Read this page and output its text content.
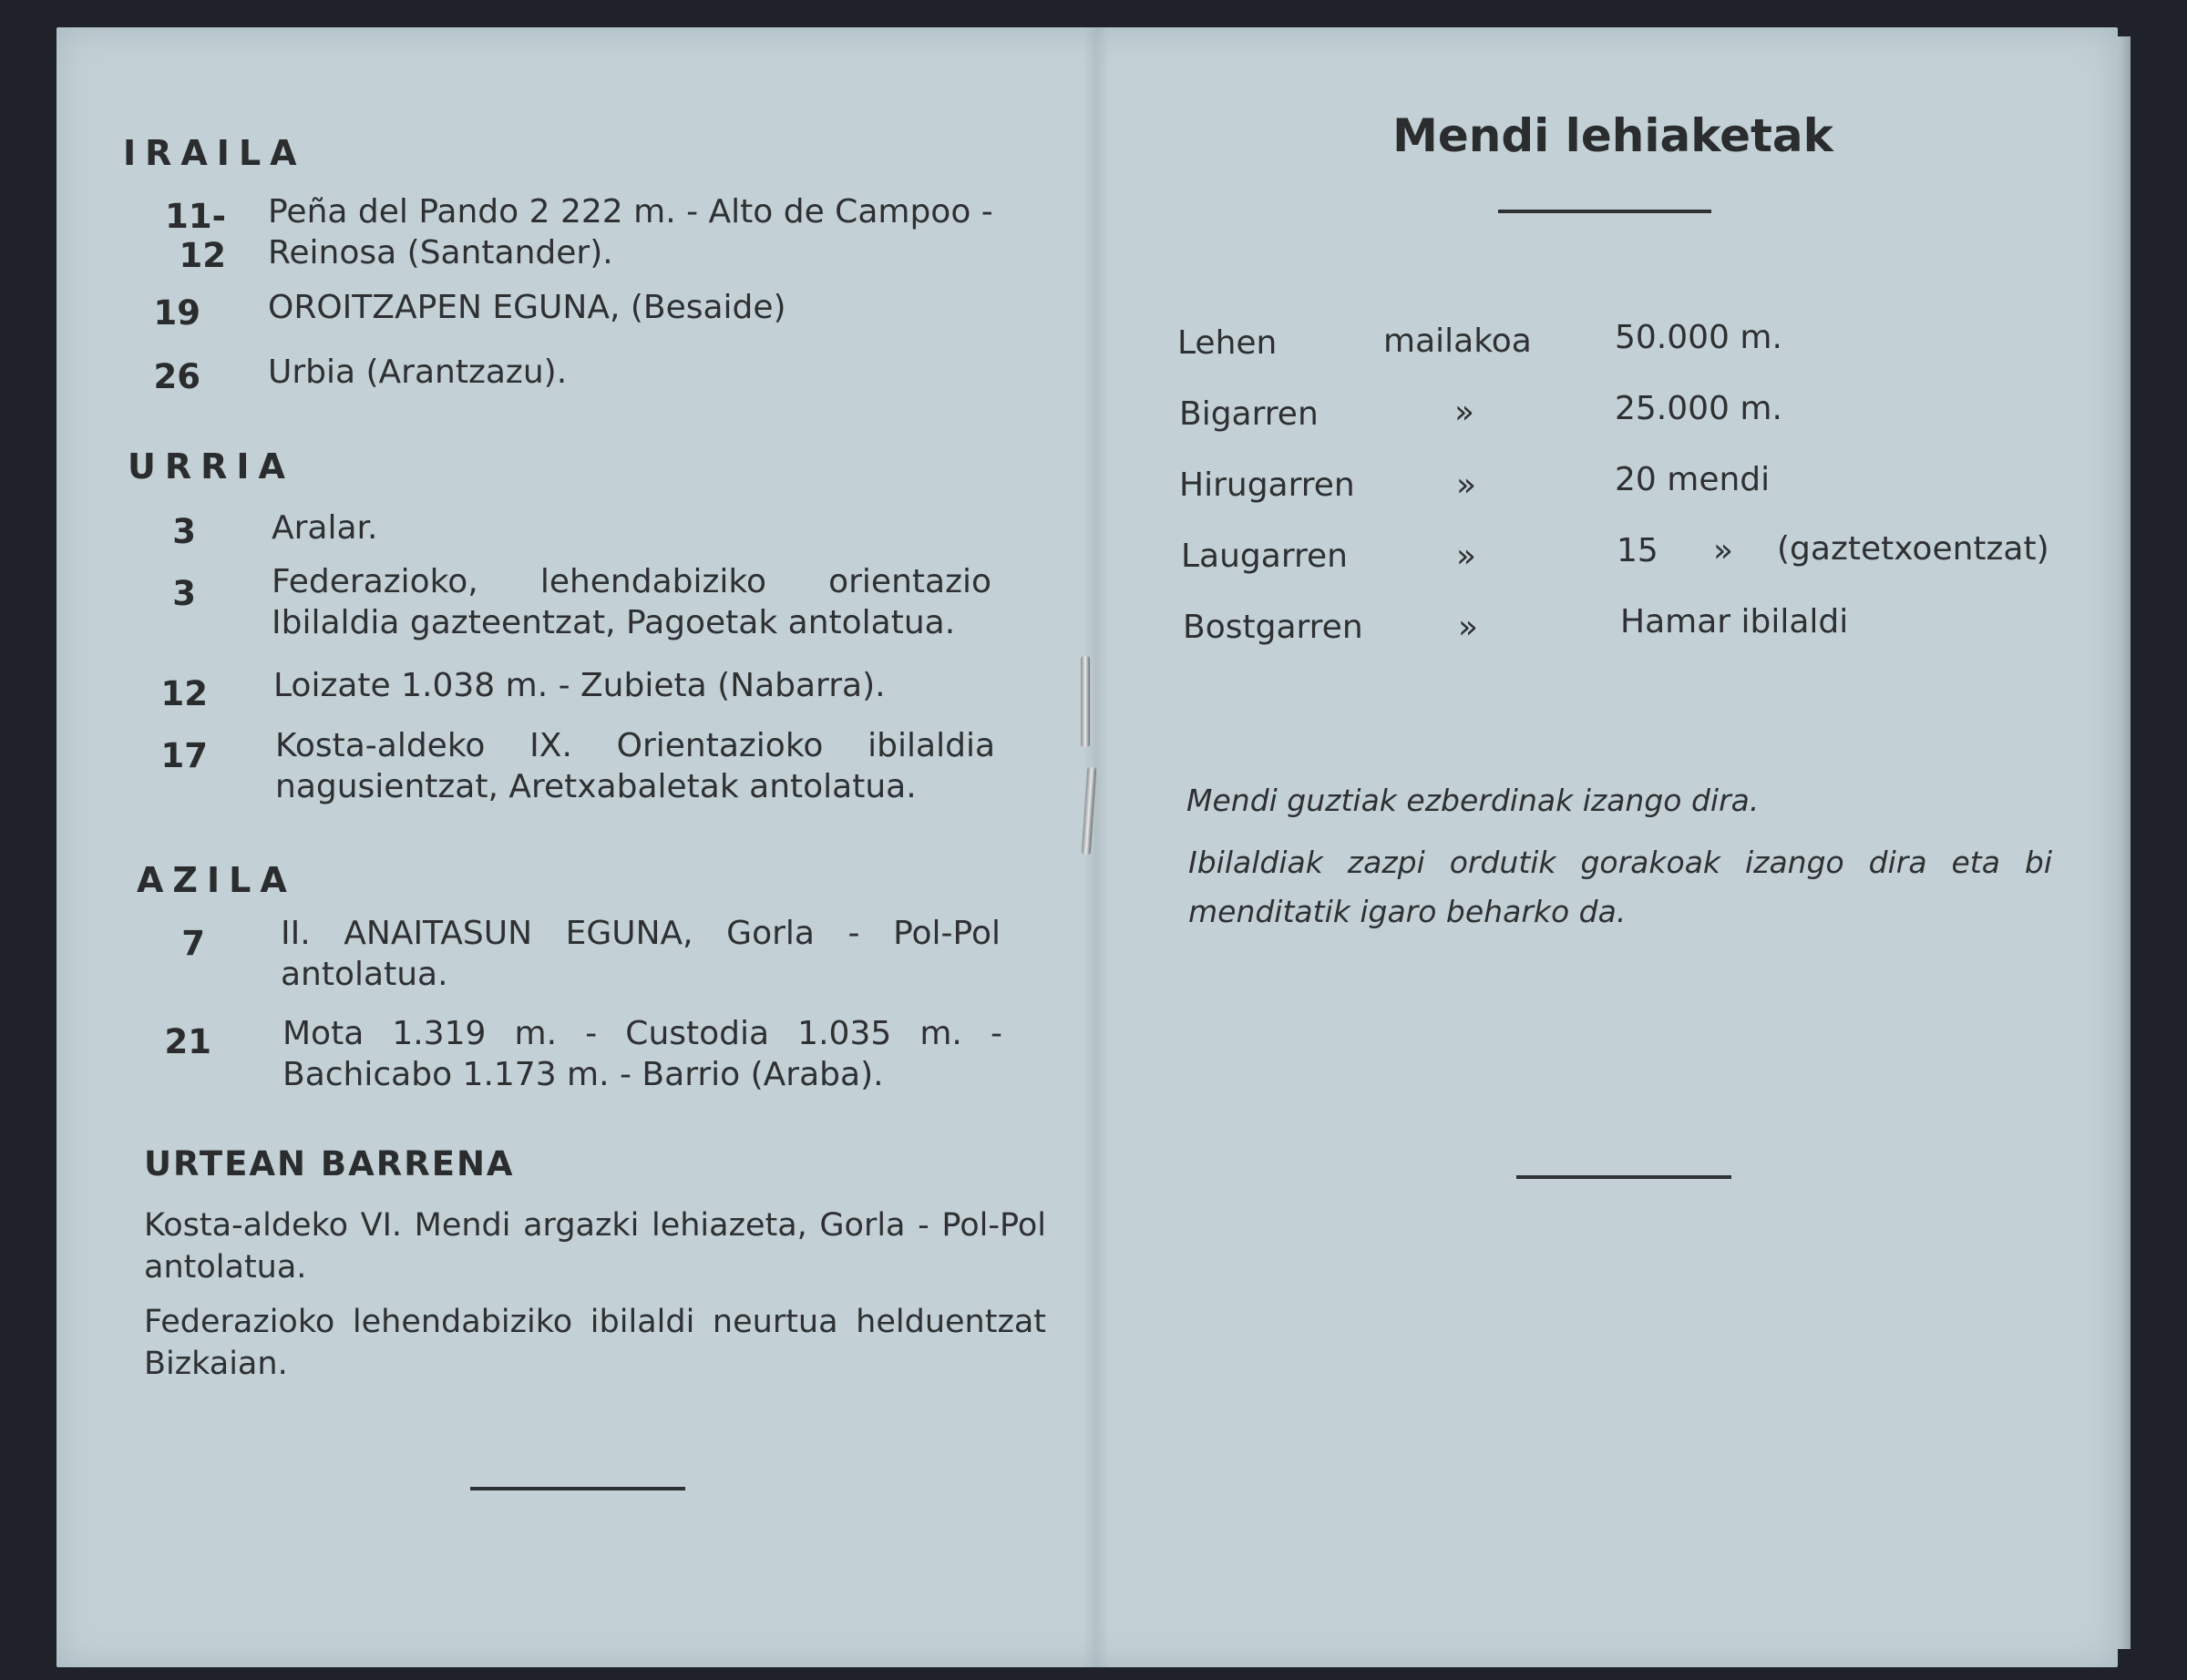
IRAILA
11-12
Peña del Pando 2 222 m. - Alto de Campoo - Reinosa (Santander).
19 OROITZAPEN EGUNA, (Besaide)
26 Urbia (Arantzazu).
URRIA
3 Aralar.
3 Federazioko, lehendabiziko orientazio Ibilaldia gazteentzat, Pagoetak antolatua.
12 Loizate 1.038 m. - Zubieta (Nabarra).
17 Kosta-aldeko IX. Orientazioko ibilaldia nagusientzat, Aretxabaletak antolatua.
AZILA
7 II. ANAITASUN EGUNA, Gorla - Pol-Pol antolatua.
21 Mota 1.319 m. - Custodia 1.035 m. - Bachicabo 1.173 m. - Barrio (Araba).
URTEAN BARRENA
Kosta-aldeko VI. Mendi argazki lehiazeta, Gorla - Pol-Pol antolatua.
Federazioko lehendabiziko ibilaldi neurtua helduentzat Bizkaian.
Mendi lehiaketak
Lehen	mailakoa	50.000 m.
Bigarren	»	25.000 m.
Hirugarren	»	20 mendi
Laugarren	»	15 » (gaztetxoentzat)
Bostgarren	»	Hamar ibilaldi
Mendi guztiak ezberdinak izango dira.
Ibilaldiak zazpi ordutik gorakoak izango dira eta bi menditatik igaro beharko da.
